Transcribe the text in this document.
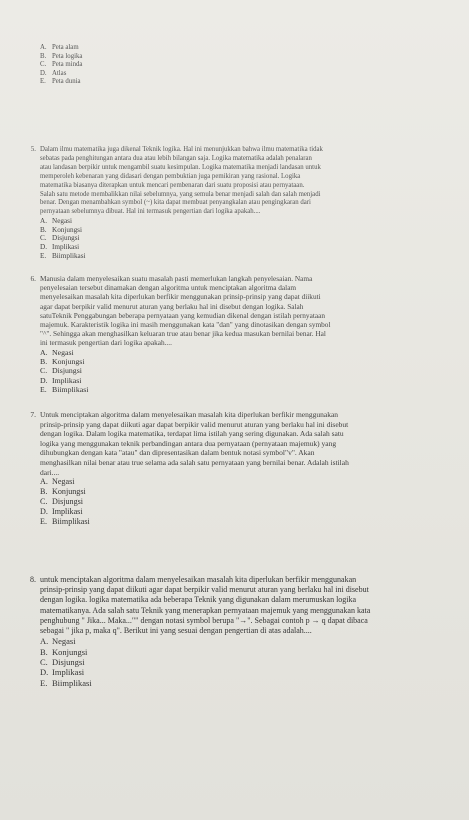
A. Peta alam
B. Peta logika
C. Peta minda
D. Atlas
E. Peta dunia
5. Dalam ilmu matematika juga dikenal Teknik logika. Hal ini menunjukkan bahwa ilmu matematika tidak
sebatas pada penghitungan antara dua atau lebih bilangan saja. Logika matematika adalah penalaran
atau landasan berpikir untuk mengambil suatu kesimpulan. Logika matematika menjadi landasan untuk
memperoleh kebenaran yang didasari dengan pembuktian juga pemikiran yang rasional. Logika
matematika biasanya diterapkan untuk mencari pembenaran dari suatu proposisi atau pernyataan.
Salah satu metode membalikkan nilai sebelumnya, yang semula benar menjadi salah dan salah menjadi
benar. Dengan menambahkan symbol (~) kita dapat membuat penyangkalan atau pengingkaran dari
pernyataan sebelumnya dibuat. Hal ini termasuk pengertian dari logika apakah....
A. Negasi
B. Konjungsi
C. Disjungsi
D. Implikasi
E. Biimplikasi
6. Manusia dalam menyelesaikan suatu masalah pasti memerlukan langkah penyelesaian. Nama
penyelesaian tersebut dinamakan dengan algoritma untuk menciptakan algoritma dalam
menyelesaikan masalah kita diperlukan berfikir menggunakan prinsip-prinsip yang dapat diikuti
agar dapat berpikir valid menurut aturan yang berlaku hal ini disebut dengan logika. Salah
satuTeknik Penggabungan beberapa pernyataan yang kemudian dikenal dengan istilah pernyataan
majemuk. Karakteristik logika ini masih menggunakan kata "dan" yang dinotasikan dengan symbol
"^". Sehingga akan menghasilkan keluaran true atau benar jika kedua masukan bernilai benar. Hal
ini termasuk pengertian dari logika apakah....
A. Negasi
B. Konjungsi
C. Disjungsi
D. Implikasi
E. Biimplikasi
7. Untuk menciptakan algoritma dalam menyelesaikan masalah kita diperlukan berfikir menggunakan
prinsip-prinsip yang dapat diikuti agar dapat berpikir valid menurut aturan yang berlaku hal ini disebut
dengan logika. Dalam logika matematika, terdapat lima istilah yang sering digunakan. Ada salah satu
logika yang menggunakan teknik perbandingan antara dua pernyataan (pernyataan majemuk) yang
dihubungkan dengan kata "atau" dan dipresentasikan dalam bentuk notasi symbol"v". Akan
menghasilkan nilai benar atau true selama ada salah satu pernyataan yang bernilai benar. Adalah istilah
dari....
A. Negasi
B. Konjungsi
C. Disjungsi
D. Implikasi
E. Biimplikasi
8. untuk menciptakan algoritma dalam menyelesaikan masalah kita diperlukan berfikir menggunakan
prinsip-prinsip yang dapat diikuti agar dapat berpikir valid menurut aturan yang berlaku hal ini disebut
dengan logika. logika matematika ada beberapa Teknik yang digunakan dalam merumuskan logika
matematikanya. Ada salah satu Teknik yang menerapkan pernyataan majemuk yang menggunakan kata
penghubung " Jika... Maka..."" dengan notasi symbol berupa "→". Sebagai contoh p → q dapat dibaca
sebagai " jika p, maka q". Berikut ini yang sesuai dengan pengertian di atas adalah....
A. Negasi
B. Konjungsi
C. Disjungsi
D. Implikasi
E. Biimplikasi
